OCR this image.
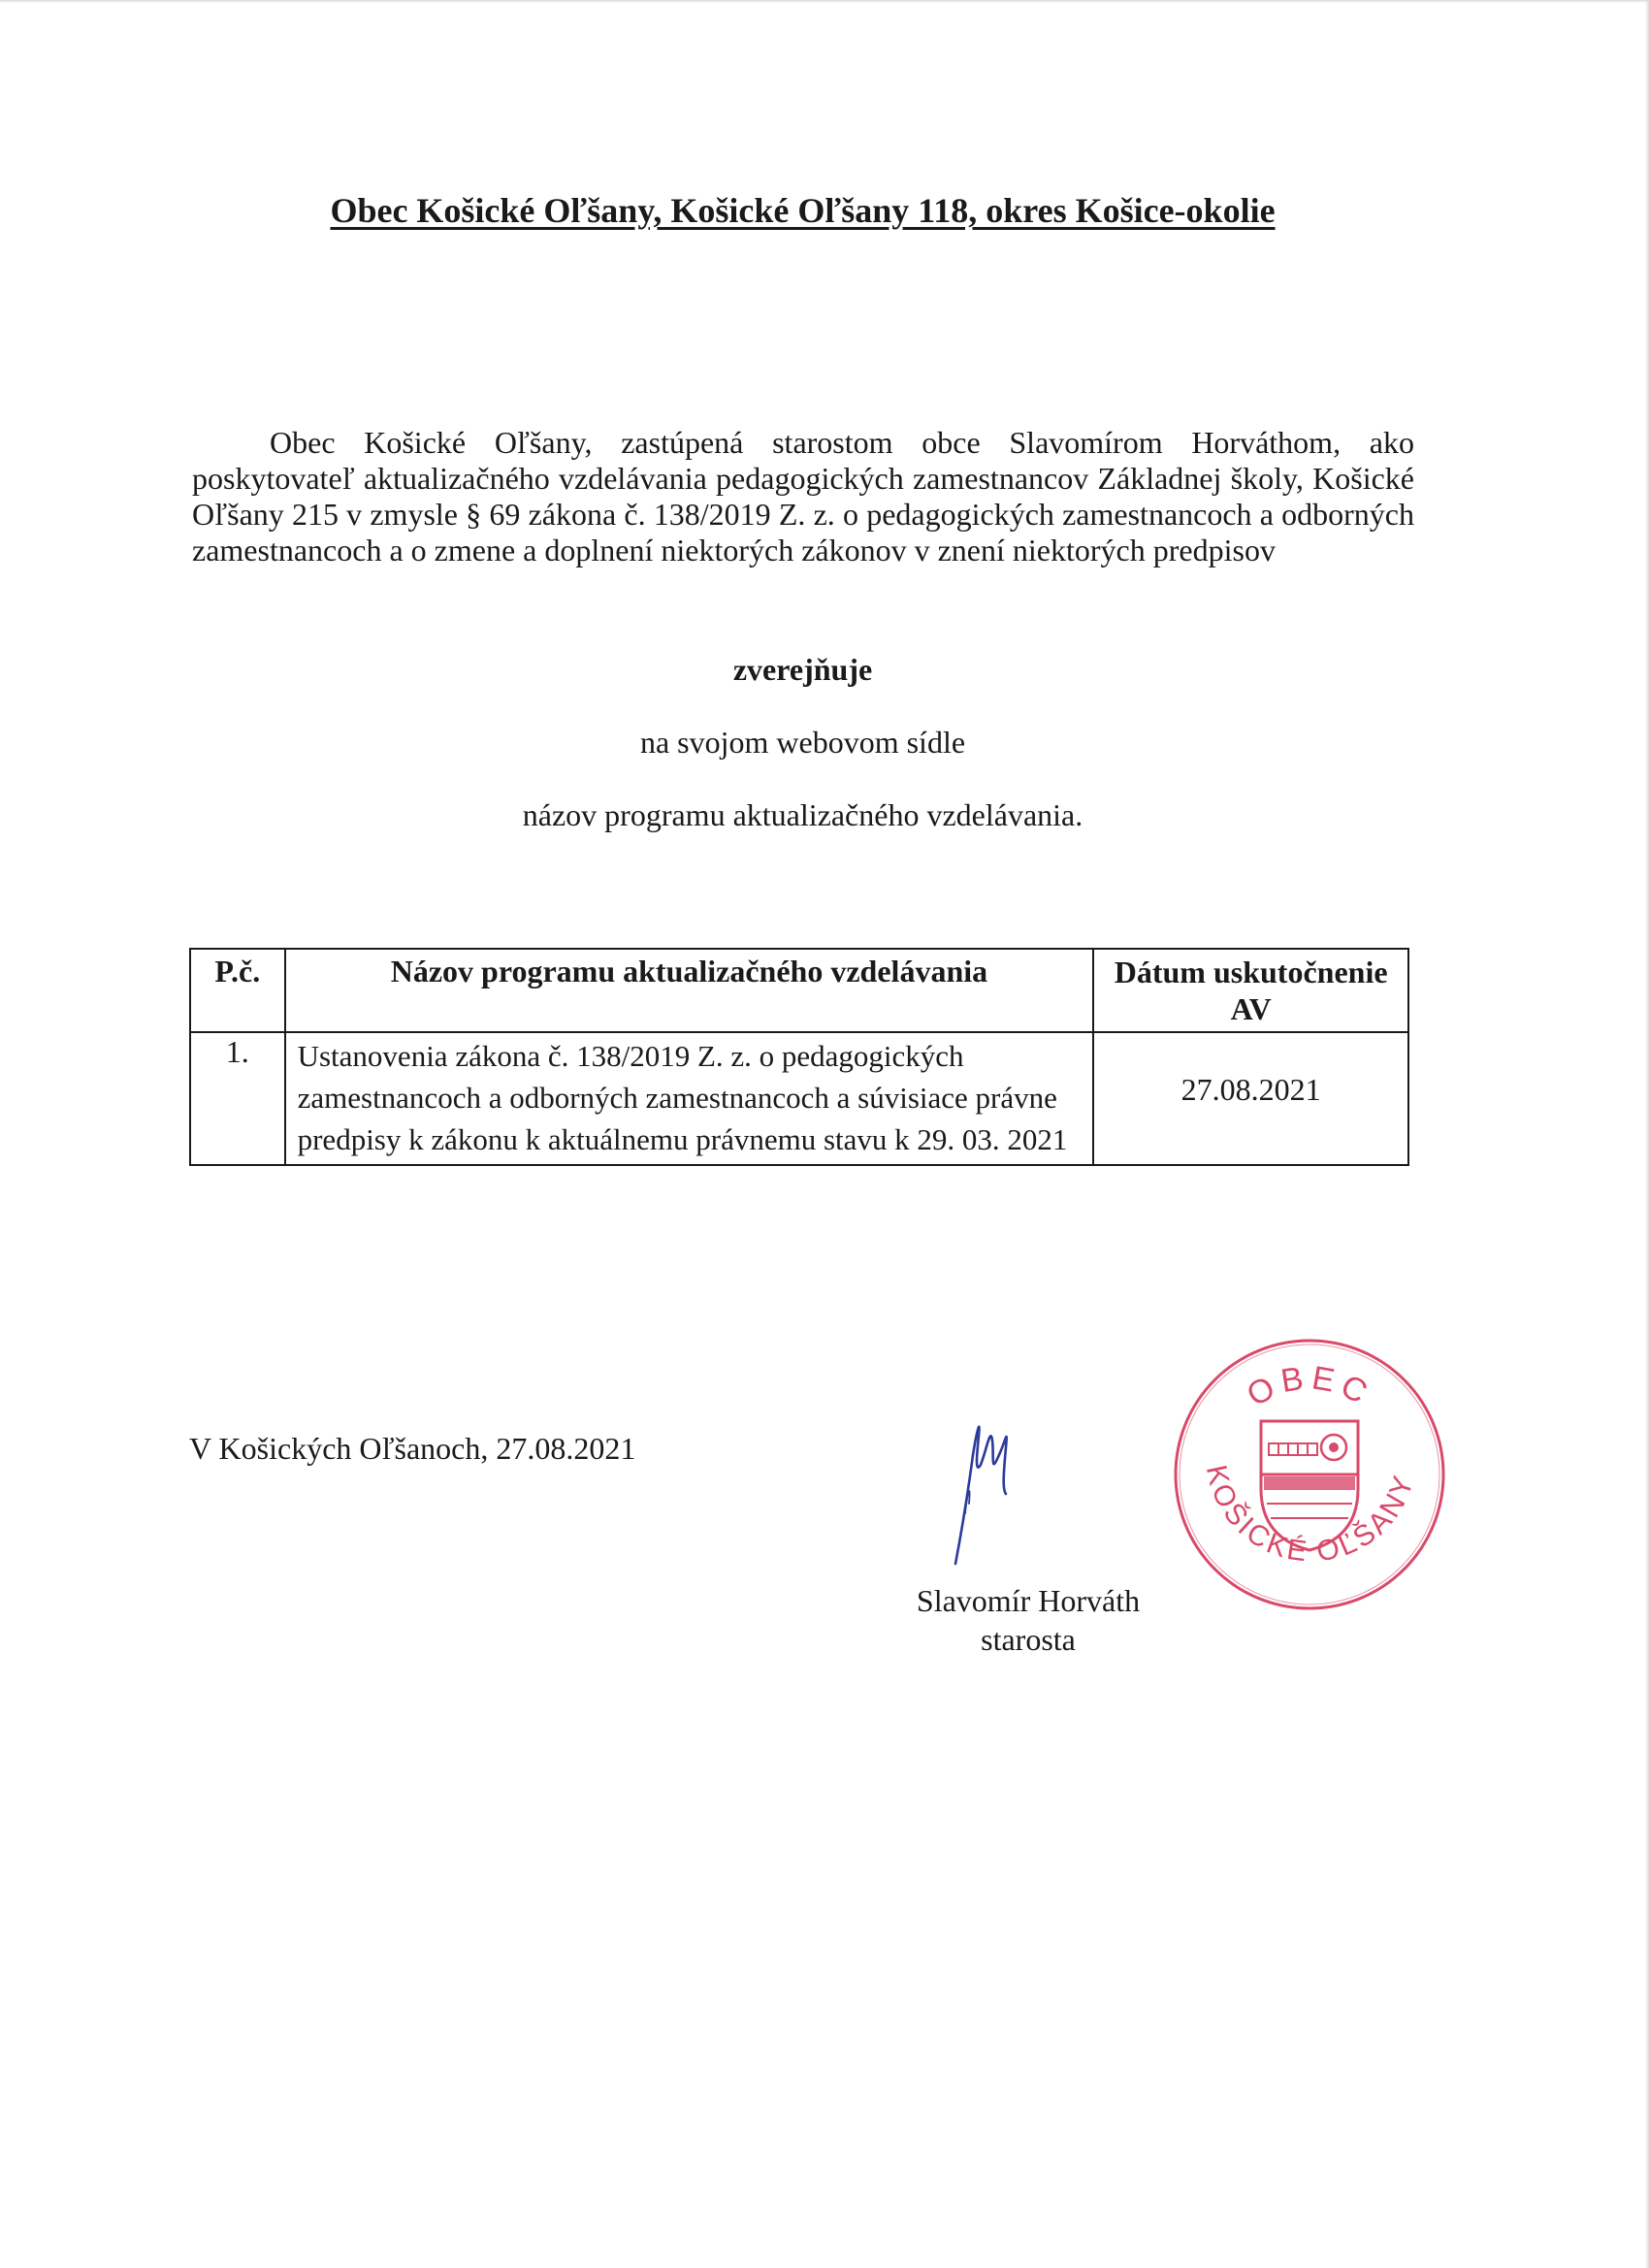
Obec Košické Oľšany, Košické Oľšany 118, okres Košice-okolie

Obec Košické Oľšany, zastúpená starostom obce Slavomírom Horváthom, ako poskytovateľ aktualizačného vzdelávania pedagogických zamestnancov Základnej školy, Košické Oľšany 215 v zmysle § 69 zákona č. 138/2019 Z. z. o pedagogických zamestnancoch a odborných zamestnancoch a o zmene a doplnení niektorých zákonov v znení niektorých predpisov

zverejňuje
na svojom webovom sídle
názov programu aktualizačného vzdelávania.
P.č.	Názov programu aktualizačného vzdelávania	Dátum uskutočnenie AV

1.	Ustanovenia zákona č. 138/2019 Z. z. o pedagogických zamestnancoch a odborných zamestnancoch a súvisiace právne predpisy k zákonu k aktuálnemu právnemu stavu k 29. 03. 2021	27.08.2021
V Košických Oľšanoch, 27.08.2021
Slavomír Horváth
starosta
OBEC
KOŠICKÉ OĽŠANY
